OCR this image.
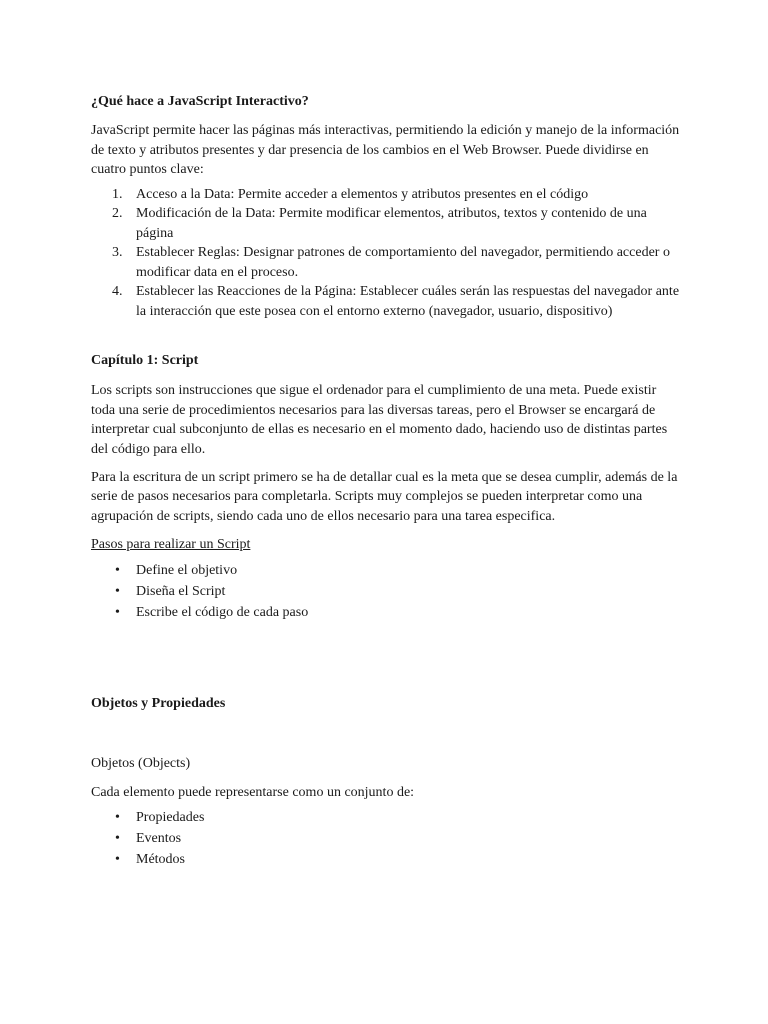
¿Qué hace a JavaScript Interactivo?

JavaScript permite hacer las páginas más interactivas, permitiendo la edición y manejo de la información de texto y atributos presentes y dar presencia de los cambios en el Web Browser. Puede dividirse en cuatro puntos clave:

1. Acceso a la Data: Permite acceder a elementos y atributos presentes en el código
2. Modificación de la Data: Permite modificar elementos, atributos, textos y contenido de una página
3. Establecer Reglas: Designar patrones de comportamiento del navegador, permitiendo acceder o modificar data en el proceso.
4. Establecer las Reacciones de la Página: Establecer cuáles serán las respuestas del navegador ante la interacción que este posea con el entorno externo (navegador, usuario, dispositivo)
Capítulo 1: Script

Los scripts son instrucciones que sigue el ordenador para el cumplimiento de una meta. Puede existir toda una serie de procedimientos necesarios para las diversas tareas, pero el Browser se encargará de interpretar cual subconjunto de ellas es necesario en el momento dado, haciendo uso de distintas partes del código para ello.

Para la escritura de un script primero se ha de detallar cual es la meta que se desea cumplir, además de la serie de pasos necesarios para completarla. Scripts muy complejos se pueden interpretar como una agrupación de scripts, siendo cada uno de ellos necesario para una tarea especifica.

Pasos para realizar un Script

• Define el objetivo
• Diseña el Script
• Escribe el código de cada paso
Objetos y Propiedades

Objetos (Objects)

Cada elemento puede representarse como un conjunto de:

• Propiedades
• Eventos
• Métodos
